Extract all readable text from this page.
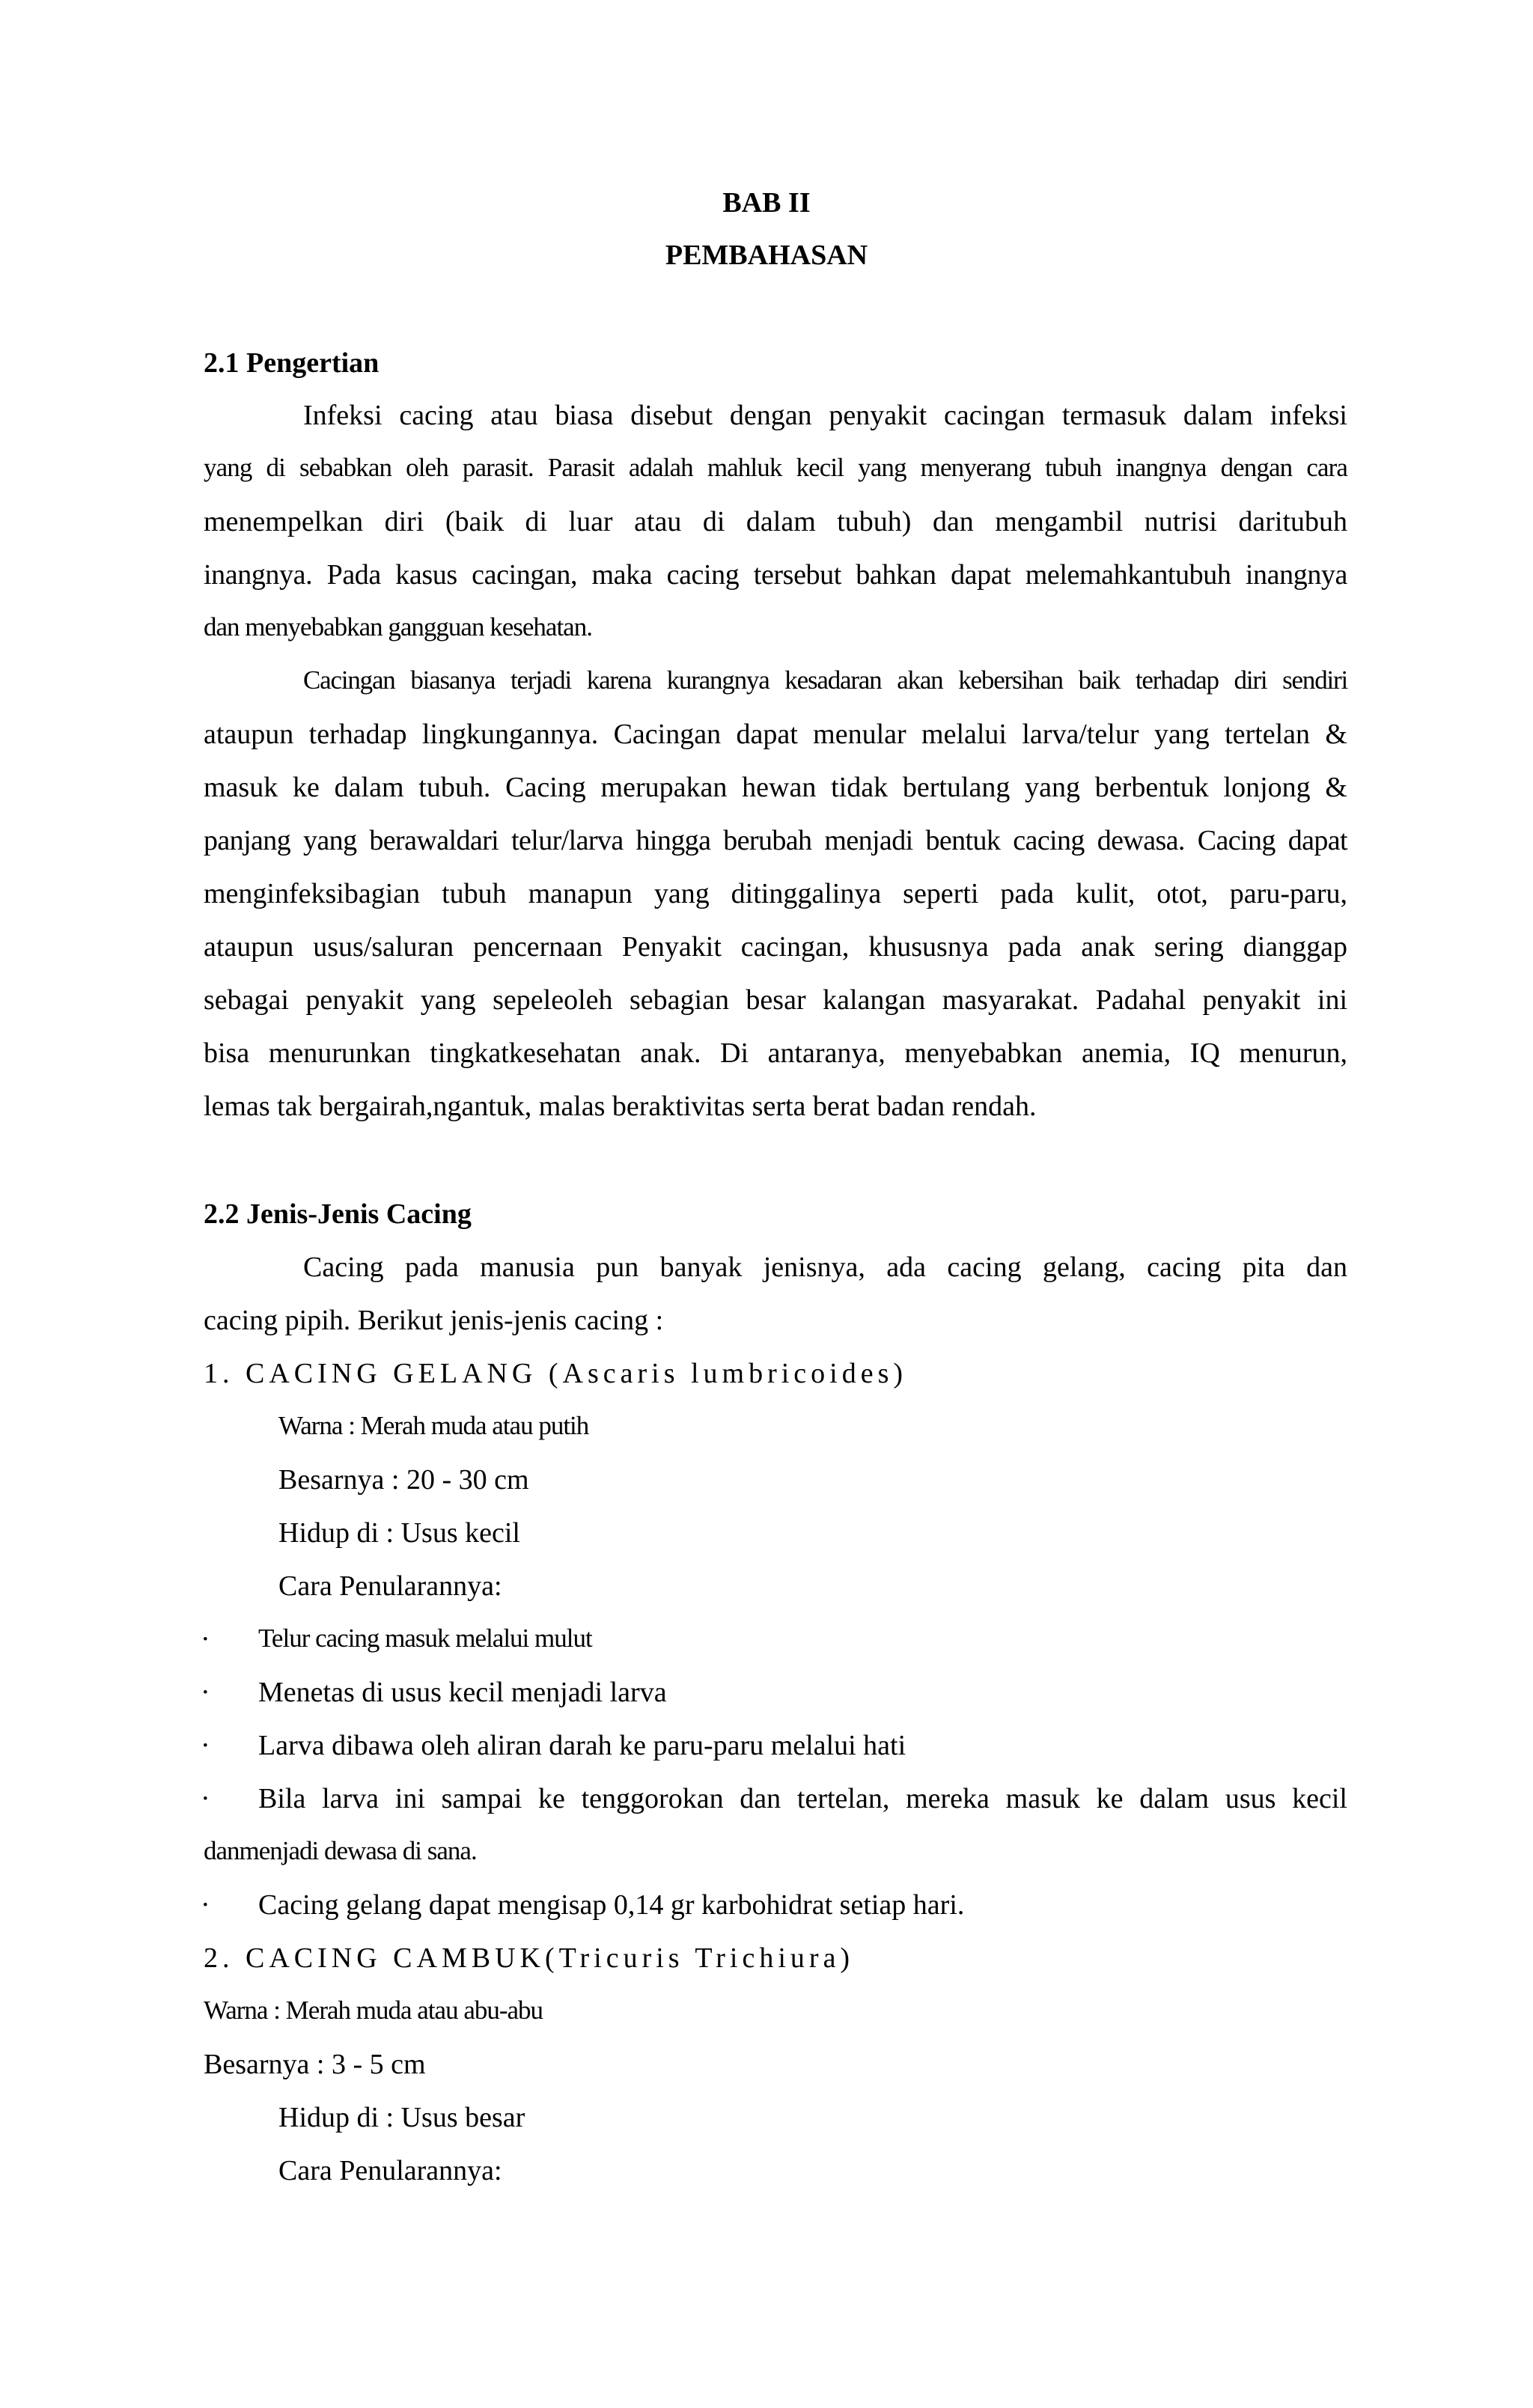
BAB II
PEMBAHASAN
2.1 Pengertian
Infeksi cacing atau biasa disebut dengan penyakit cacingan termasuk dalam infeksi
yang di sebabkan oleh parasit. Parasit adalah mahluk kecil yang menyerang tubuh inangnya dengan cara
menempelkan diri (baik di luar atau di dalam tubuh) dan mengambil nutrisi daritubuh
inangnya. Pada kasus cacingan, maka cacing tersebut bahkan dapat melemahkantubuh inangnya
dan menyebabkan gangguan kesehatan.
Cacingan biasanya terjadi karena kurangnya kesadaran akan kebersihan baik terhadap diri sendiri
ataupun terhadap lingkungannya. Cacingan dapat menular melalui larva/telur yang tertelan &
masuk ke dalam tubuh. Cacing merupakan hewan tidak bertulang yang berbentuk lonjong &
panjang yang berawaldari telur/larva hingga berubah menjadi bentuk cacing dewasa. Cacing dapat
menginfeksibagian tubuh manapun yang ditinggalinya seperti pada kulit, otot, paru-paru,
ataupun usus/saluran pencernaan Penyakit cacingan, khususnya pada anak sering dianggap
sebagai penyakit yang sepeleoleh sebagian besar kalangan masyarakat. Padahal penyakit ini
bisa menurunkan tingkatkesehatan anak. Di antaranya, menyebabkan anemia, IQ menurun,
lemas tak bergairah,ngantuk, malas beraktivitas serta berat badan rendah.
2.2 Jenis-Jenis Cacing
Cacing pada manusia pun banyak jenisnya, ada cacing gelang, cacing pita dan
cacing pipih. Berikut jenis-jenis cacing :
1. CACING GELANG (Ascaris lumbricoides)
Warna : Merah muda atau putih
Besarnya : 20 - 30 cm
Hidup di : Usus kecil
Cara Penularannya:
· Telur cacing masuk melalui mulut
· Menetas di usus kecil menjadi larva
· Larva dibawa oleh aliran darah ke paru-paru melalui hati
· Bila larva ini sampai ke tenggorokan dan tertelan, mereka masuk ke dalam usus kecil
danmenjadi dewasa di sana.
· Cacing gelang dapat mengisap 0,14 gr karbohidrat setiap hari.
2. CACING CAMBUK(Tricuris Trichiura)
Warna : Merah muda atau abu-abu
Besarnya : 3 - 5 cm
Hidup di : Usus besar
Cara Penularannya:
